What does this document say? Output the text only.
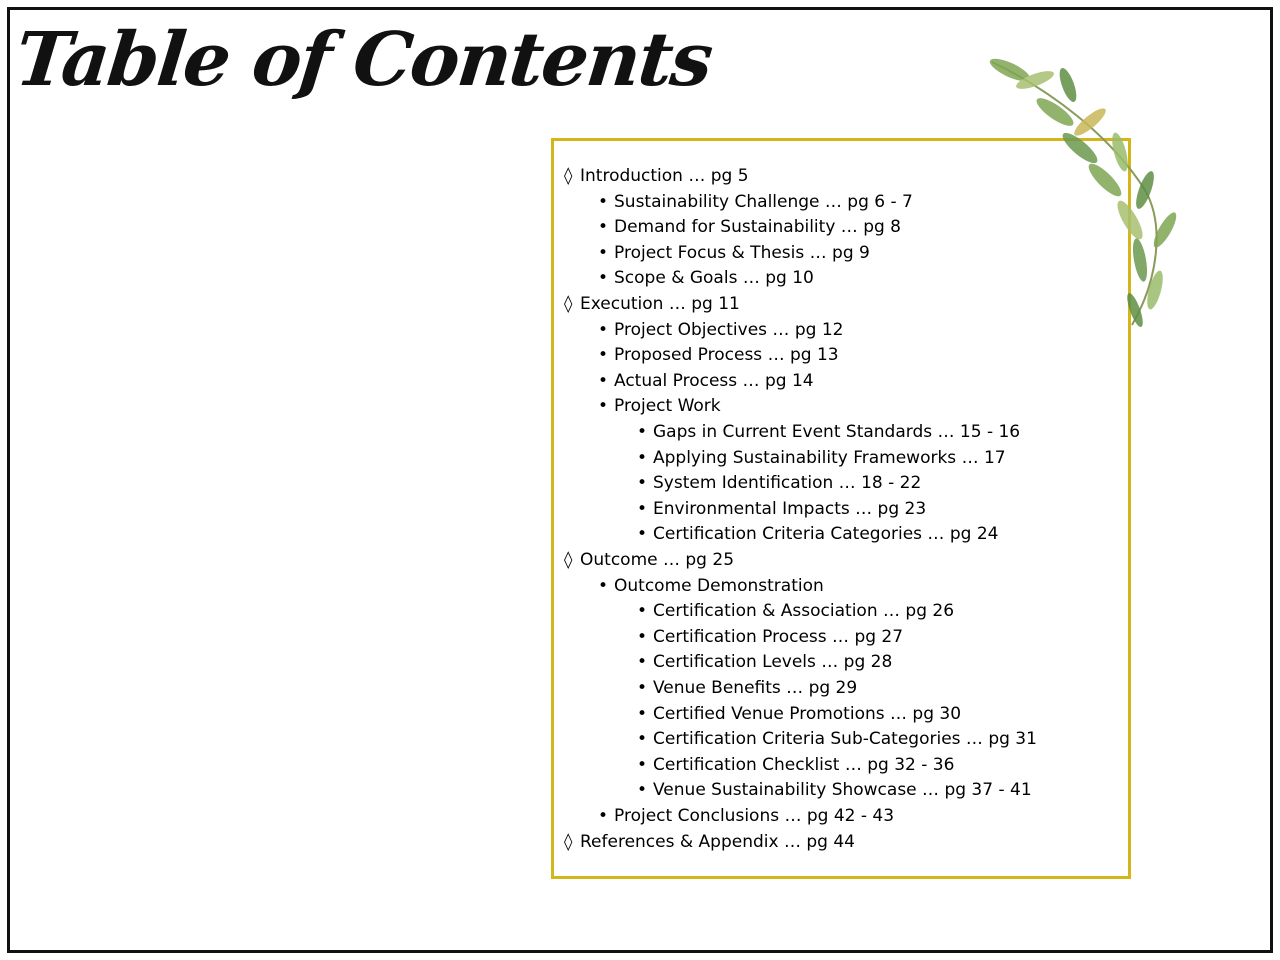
Table of Contents
◊ Introduction … pg 5
• Sustainability Challenge … pg 6 - 7
• Demand for Sustainability … pg 8
• Project Focus & Thesis … pg 9
• Scope & Goals … pg 10
◊ Execution … pg 11
• Project Objectives … pg 12
• Proposed Process … pg 13
• Actual Process … pg 14
• Project Work
• Gaps in Current Event Standards … 15 - 16
• Applying Sustainability Frameworks … 17
• System Identification … 18 - 22
• Environmental Impacts … pg 23
• Certification Criteria Categories … pg 24
◊ Outcome … pg 25
• Outcome Demonstration
• Certification & Association … pg 26
• Certification Process … pg 27
• Certification Levels … pg 28
• Venue Benefits … pg 29
• Certified Venue Promotions … pg 30
• Certification Criteria Sub-Categories … pg 31
• Certification Checklist … pg 32 - 36
• Venue Sustainability Showcase … pg 37 - 41
• Project Conclusions … pg 42 - 43
◊ References & Appendix … pg 44
